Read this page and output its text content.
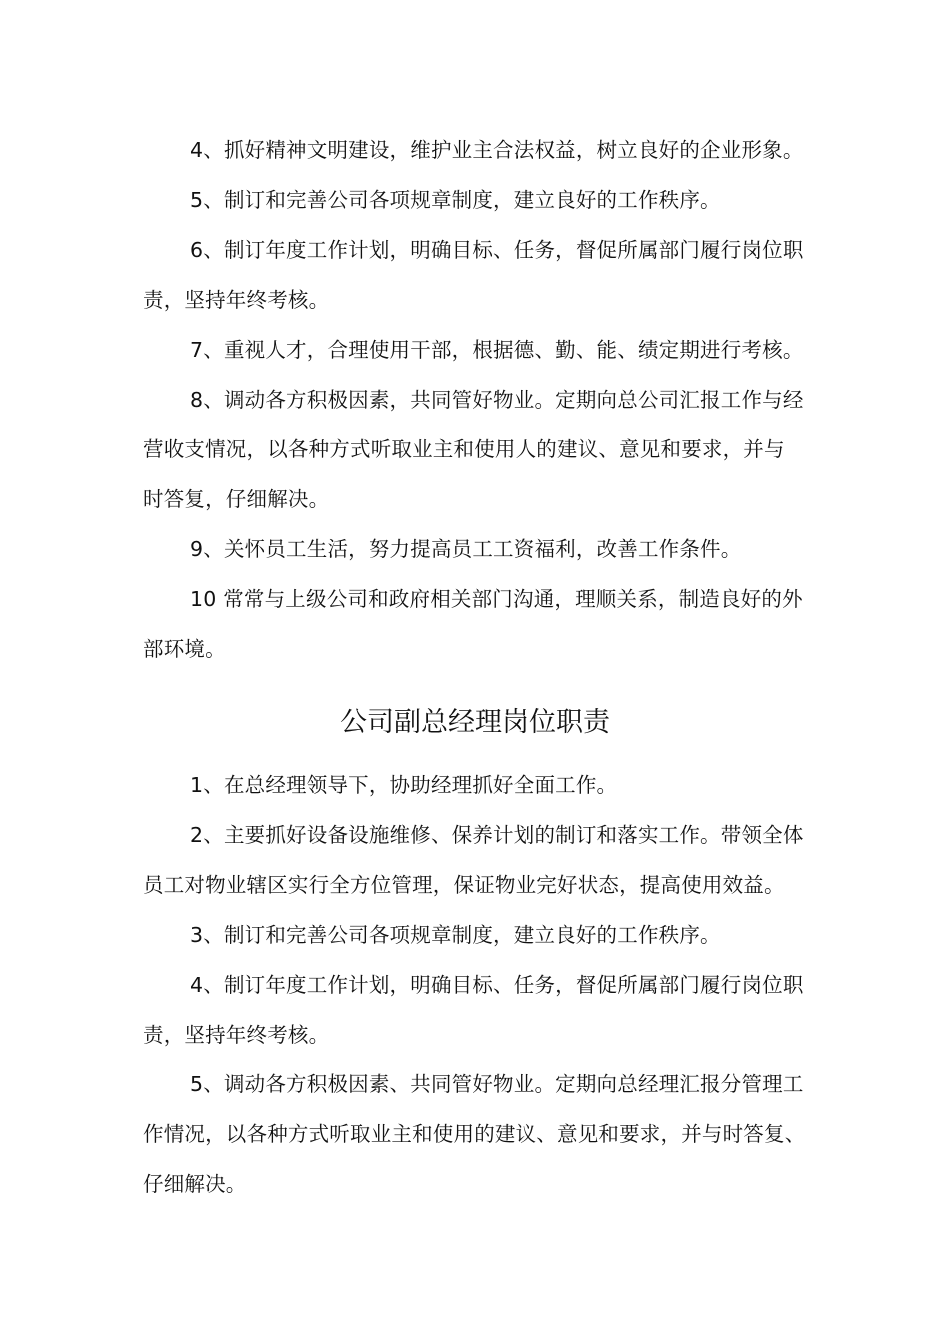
4、抓好精神文明建设，维护业主合法权益，树立良好的企业形象。
5、制订和完善公司各项规章制度，建立良好的工作秩序。
6、制订年度工作计划，明确目标、任务，督促所属部门履行岗位职
责，坚持年终考核。
7、重视人才，合理使用干部，根据德、勤、能、绩定期进行考核。
8、调动各方积极因素，共同管好物业。定期向总公司汇报工作与经
营收支情况，以各种方式听取业主和使用人的建议、意见和要求，并与
时答复，仔细解决。
9、关怀员工生活，努力提高员工工资福利，改善工作条件。
10 常常与上级公司和政府相关部门沟通，理顺关系，制造良好的外
部环境。
公司副总经理岗位职责
1、在总经理领导下，协助经理抓好全面工作。
2、主要抓好设备设施维修、保养计划的制订和落实工作。带领全体
员工对物业辖区实行全方位管理，保证物业完好状态，提高使用效益。
3、制订和完善公司各项规章制度，建立良好的工作秩序。
4、制订年度工作计划，明确目标、任务，督促所属部门履行岗位职
责，坚持年终考核。
5、调动各方积极因素、共同管好物业。定期向总经理汇报分管理工
作情况，以各种方式听取业主和使用的建议、意见和要求，并与时答复、
仔细解决。
